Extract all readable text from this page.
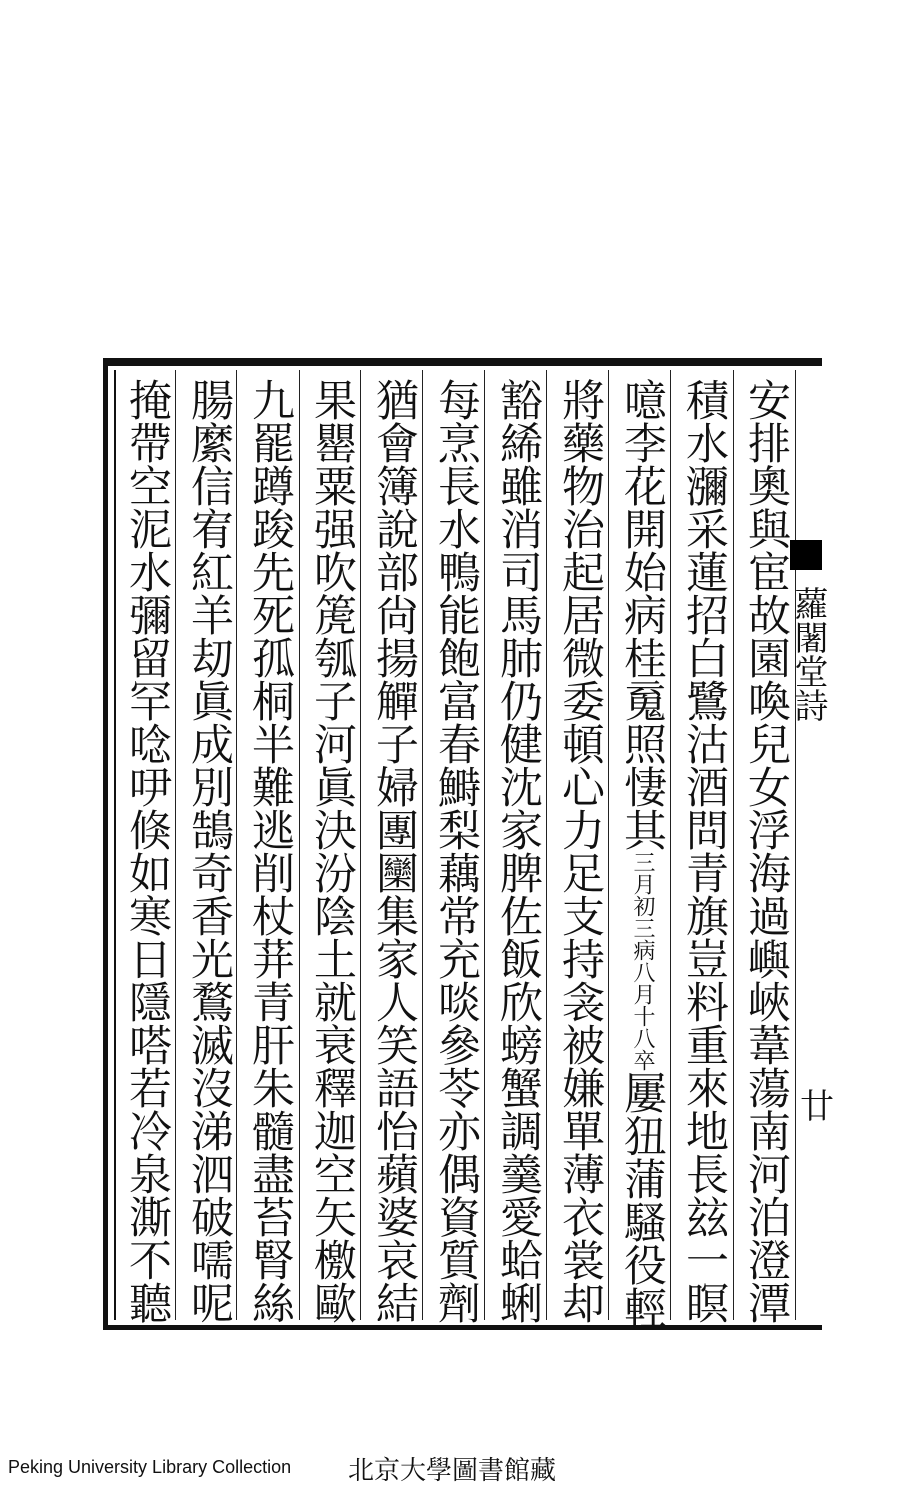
蘿闍堂詩
廿
安排奧與宦故園喚兒女浮海過嶼峽葦蕩南河泊澄潭
積水瀰采蓮招白鷺沽酒問青旗豈料重來地長玆一瞑
噫李花開始病桂䰟照悽其三月初三病八月十八卒屢狃蒲騷役輕
將藥物治起居微委頓心力足支持衾被嫌單薄衣裳却
豁絺雖消司馬肺仍健沈家脾佐飯欣螃蟹調羹愛蛤蜊
每烹長水鴨能飽富春鰣梨藕常充啖參苓亦偶資質劑
猶會簿說部尙揚觶子婦團圞集家人笑語怡蘋婆哀結
果罌粟强吹箎瓠子河眞決汾陰土就衰釋迦空矢檄歐
九罷蹲踆先死孤桐半難逃削杖荓青肝朱髓盡苔腎絲
腸縻信宥紅羊刧眞成別鵠奇香光鶩滅沒涕泗破嚅呢
掩帶空泥水彌留罕唸吚倏如寒日隱嗒若冷泉澌不聽
Peking University Library Collection 北京大學圖書館藏
